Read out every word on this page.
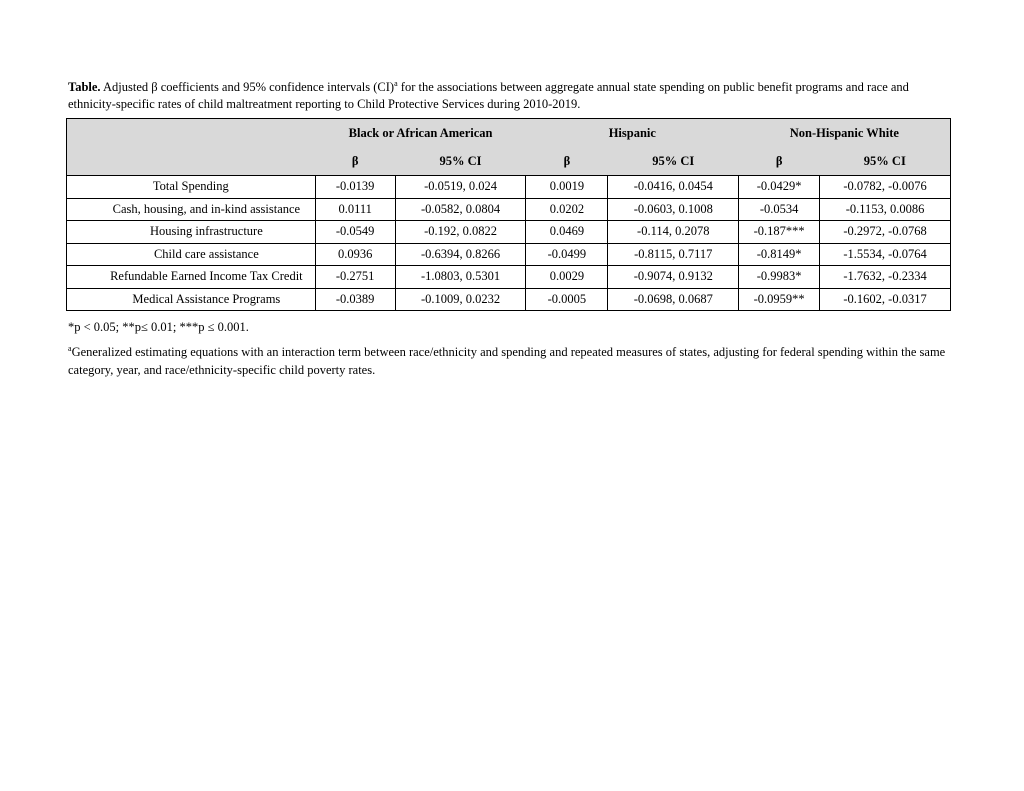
Table. Adjusted β coefficients and 95% confidence intervals (CI)$^a$ for the associations between aggregate annual state spending on public benefit programs and race and ethnicity-specific rates of child maltreatment reporting to Child Protective Services during 2010-2019.
	Black or African American		Hispanic		Non-Hispanic White	
	β	95% CI	β	95% CI	β	95% CI
Total Spending	-0.0139	-0.0519, 0.024	0.0019	-0.0416, 0.0454	-0.0429*	-0.0782, -0.0076
Cash, housing, and in-kind assistance	0.0111	-0.0582, 0.0804	0.0202	-0.0603, 0.1008	-0.0534	-0.1153, 0.0086
Housing infrastructure	-0.0549	-0.192, 0.0822	0.0469	-0.114, 0.2078	-0.187***	-0.2972, -0.0768
Child care assistance	0.0936	-0.6394, 0.8266	-0.0499	-0.8115, 0.7117	-0.8149*	-1.5534, -0.0764
Refundable Earned Income Tax Credit	-0.2751	-1.0803, 0.5301	0.0029	-0.9074, 0.9132	-0.9983*	-1.7632, -0.2334
Medical Assistance Programs	-0.0389	-0.1009, 0.0232	-0.0005	-0.0698, 0.0687	-0.0959**	-0.1602, -0.0317
*p < 0.05; **p≤ 0.01; ***p ≤ 0.001.
$^a$Generalized estimating equations with an interaction term between race/ethnicity and spending and repeated measures of states, adjusting for federal spending within the same category, year, and race/ethnicity-specific child poverty rates.
